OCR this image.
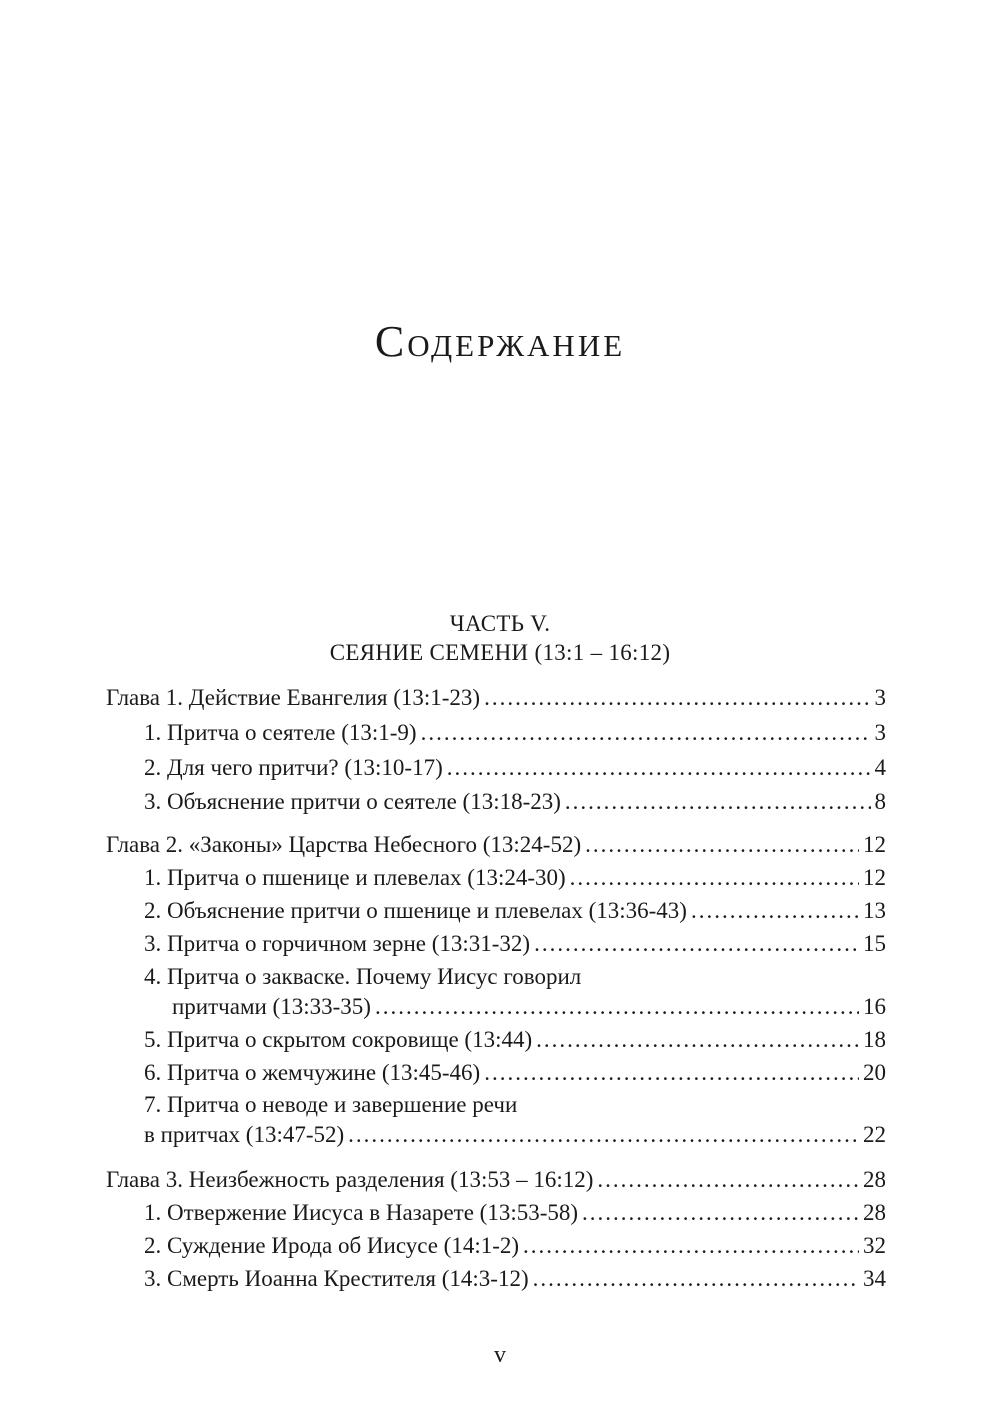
Содержание
ЧАСТЬ V.
СЕЯНИЕ СЕМЕНИ (13:1 – 16:12)
Глава 1. Действие Евангелия (13:1-23) .....	3
1. Притча о сеятеле (13:1-9) .....	3
2. Для чего притчи? (13:10-17) .....	4
3. Объяснение притчи о сеятеле (13:18-23) .....	8
Глава 2. «Законы» Царства Небесного (13:24-52) .....	12
1. Притча о пшенице и плевелах (13:24-30) .....	12
2. Объяснение притчи о пшенице и плевелах (13:36-43) .....	13
3. Притча о горчичном зерне (13:31-32) .....	15
4. Притча о закваске. Почему Иисус говорил
притчами (13:33-35) .....	16
5. Притча о скрытом сокровище (13:44) .....	18
6. Притча о жемчужине (13:45-46) .....	20
7. Притча о неводе и завершение речи
в притчах (13:47-52) .....	22
Глава 3. Неизбежность разделения (13:53 – 16:12) .....	28
1. Отвержение Иисуса в Назарете (13:53-58) .....	28
2. Суждение Ирода об Иисусе (14:1-2) .....	32
3. Смерть Иоанна Крестителя (14:3-12) .....	34
v
